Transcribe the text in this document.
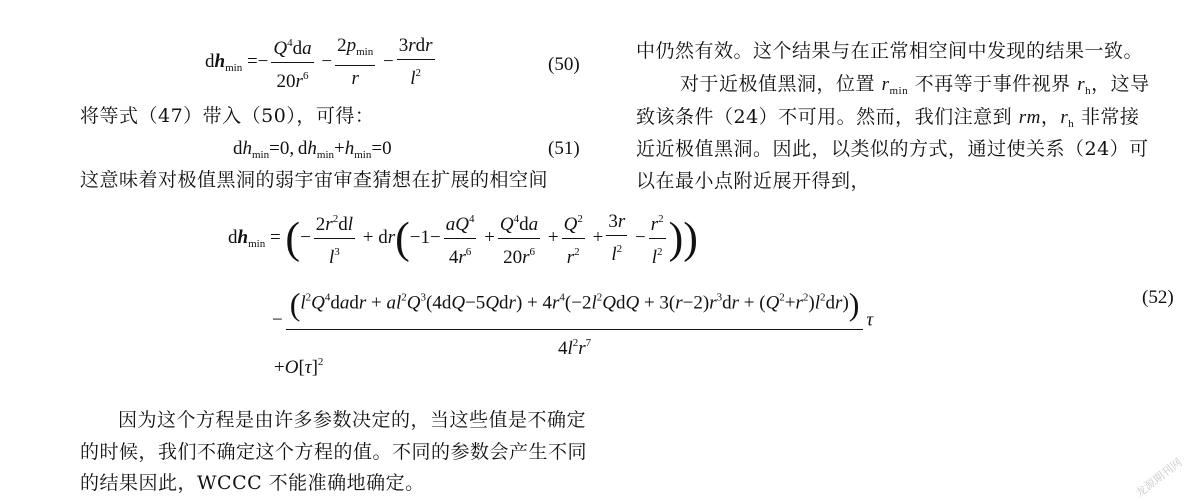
$dh_{min} =- \frac{Q^4da}{20r^6} - \frac{2p_{min}}{r} - \frac{\text{3rdr}}{l^2}$	(50)
将等式（47）带入（50），可得：
$dh_{min}=0$, $dh_{min}+h_{min}=0$	(51)
这意味着对极值黑洞的弱宇宙审查猜想在扩展的相空间
中仍然有效。这个结果与在正常相空间中发现的结果一致。
对于近极值黑洞，位置 $r_{min}$ 不再等于事件视界 $r_h$，这导
致该条件（24）不可用。然而，我们注意到 rm，$r_h$ 非常接
近近极值黑洞。因此，以类似的方式，通过使关系（24）可
以在最小点附近展开得到，
$dh_{min}$ = (− $\frac{2r^2dl}{l^3} + dr(-1- \frac{aQ^4}{4r^6} + \frac{Q^4da}{20r^6} + \frac{Q^2}{r^2} + \frac{3r}{l^2} - \frac{r^2}{l^2}$ ))
− $(l^2Q^4dadr + al^2Q^3(4dQ-5Qdr) + 4r^4(-2l^2QdQ + 3(r-2)r^3dr + (Q^2+r^2)l^2dr))$
$4l^2r^7$
τ
(52)
$+O[\tau]^2$
因为这个方程是由许多参数决定的，当这些值是不确定
的时候，我们不确定这个方程的值。不同的参数会产生不同
的结果因此，WCCC 不能准确地确定。	龙源期刊网
